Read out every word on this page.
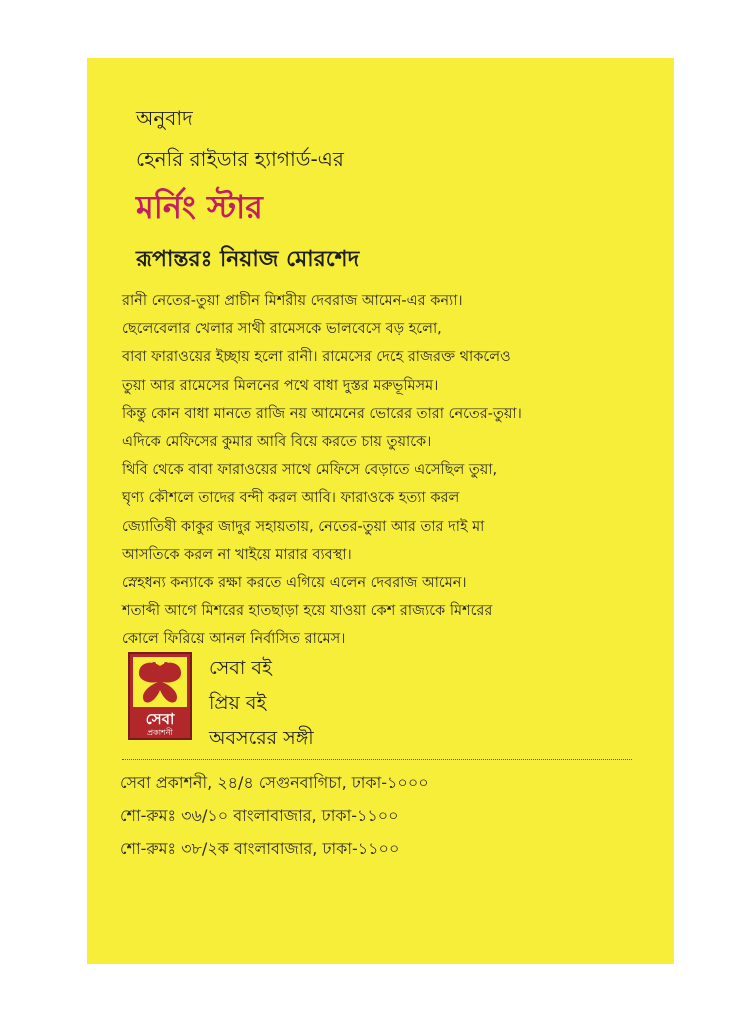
অনুবাদ
হেনরি রাইডার হ্যাগার্ড-এর
মর্নিং স্টার
রূপান্তরঃ নিয়াজ মোরশেদ
রানী নেতের-তুয়া প্রাচীন মিশরীয় দেবরাজ আমেন-এর কন্যা।
ছেলেবেলার খেলার সাথী রামেসকে ভালবেসে বড় হলো,
বাবা ফারাওয়ের ইচ্ছায় হলো রানী। রামেসের দেহে রাজরক্ত থাকলেও
তুয়া আর রামেসের মিলনের পথে বাধা দুস্তর মরুভূমিসম।
কিন্তু কোন বাধা মানতে রাজি নয় আমেনের ভোরের তারা নেতের-তুয়া।
এদিকে মেফিসের কুমার আবি বিয়ে করতে চায় তুয়াকে।
থিবি থেকে বাবা ফারাওয়ের সাথে মেফিসে বেড়াতে এসেছিল তুয়া,
ঘৃণ্য কৌশলে তাদের বন্দী করল আবি। ফারাওকে হত্যা করল
জ্যোতিষী কাকুর জাদুর সহায়তায়, নেতের-তুয়া আর তার দাই মা
আসতিকে করল না খাইয়ে মারার ব্যবস্থা।
স্নেহধন্য কন্যাকে রক্ষা করতে এগিয়ে এলেন দেবরাজ আমেন।
শতাব্দী আগে মিশরের হাতছাড়া হয়ে যাওয়া কেশ রাজ্যকে মিশরের
কোলে ফিরিয়ে আনল নির্বাসিত রামেস।
সেবা
প্রকাশনী
সেবা বই
প্রিয় বই
অবসরের সঙ্গী
সেবা প্রকাশনী, ২৪/৪ সেগুনবাগিচা, ঢাকা-১০০০
শো-রুমঃ ৩৬/১০ বাংলাবাজার, ঢাকা-১১০০
শো-রুমঃ ৩৮/২ক বাংলাবাজার, ঢাকা-১১০০
